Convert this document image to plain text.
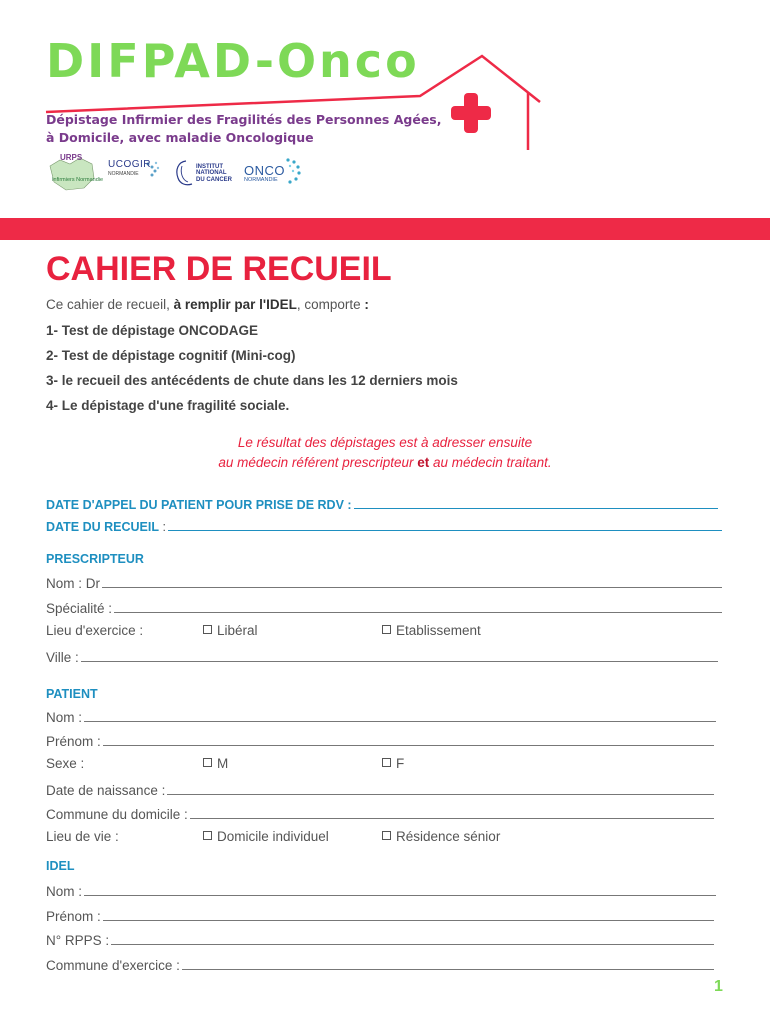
DIFPAD-Onco
Dépistage Infirmier des Fragilités des Personnes Agées,
à Domicile, avec maladie Oncologique
URPS
Infirmiers Normandie
UCOGIR
NORMANDIE
INSTITUT
NATIONAL
DU CANCER
ONCO
NORMANDIE
CAHIER DE RECUEIL
Ce cahier de recueil, à remplir par l'IDEL, comporte :
1- Test de dépistage ONCODAGE
2- Test de dépistage cognitif (Mini-cog)
3- le recueil des antécédents de chute dans les 12 derniers mois
4- Le dépistage d'une fragilité sociale.
Le résultat des dépistages est à adresser ensuite
au médecin référent prescripteur et au médecin traitant.
DATE D'APPEL DU PATIENT POUR PRISE DE RDV :
DATE DU RECUEIL :
PRESCRIPTEUR
Nom : Dr
Spécialité :
Lieu d'exercice :	Libéral	Etablissement
Ville :
PATIENT
Nom :
Prénom :
Sexe :	M	F
Date de naissance :
Commune du domicile :
Lieu de vie :	Domicile individuel	Résidence sénior
IDEL
Nom :
Prénom :
N° RPPS :
Commune d'exercice :
1
